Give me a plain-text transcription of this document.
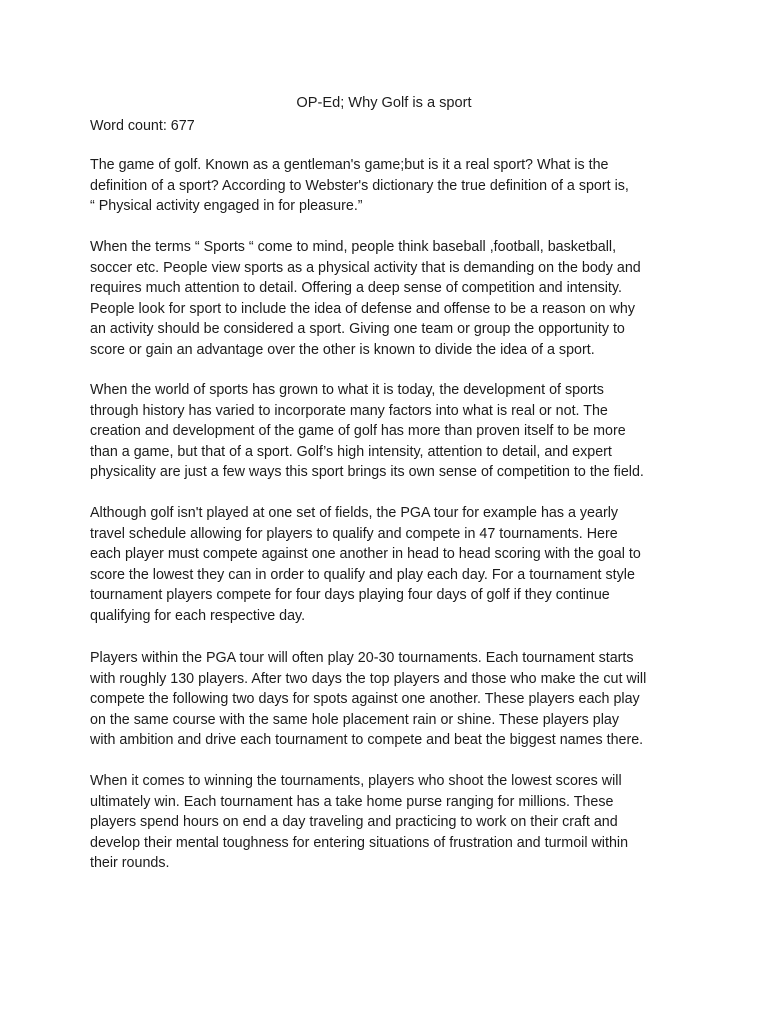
OP-Ed; Why Golf is a sport
Word count: 677
The game of golf. Known as a gentleman's game;but is it a real sport? What is the
definition of a sport? According to Webster's dictionary the true definition of a sport is,
“ Physical activity engaged in for pleasure.”
When the terms “ Sports “ come to mind, people think baseball ,football, basketball,
soccer etc. People view sports as a physical activity that is demanding on the body and
requires much attention to detail. Offering a deep sense of competition and intensity.
People look for sport to include the idea of defense and offense to be a reason on why
an activity should be considered a sport. Giving one team or group the opportunity to
score or gain an advantage over the other is known to divide the idea of a sport.
When the world of sports has grown to what it is today, the development of sports
through history has varied to incorporate many factors into what is real or not. The
creation and development of the game of golf has more than proven itself to be more
than a game, but that of a sport. Golf’s high intensity, attention to detail, and expert
physicality are just a few ways this sport brings its own sense of competition to the field.
Although golf isn't played at one set of fields, the PGA tour for example has a yearly
travel schedule allowing for players to qualify and compete in 47 tournaments. Here
each player must compete against one another in head to head scoring with the goal to
score the lowest they can in order to qualify and play each day. For a tournament style
tournament players compete for four days playing four days of golf if they continue
qualifying for each respective day.
Players within the PGA tour will often play 20-30 tournaments. Each tournament starts
with roughly 130 players. After two days the top players and those who make the cut will
compete the following two days for spots against one another. These players each play
on the same course with the same hole placement rain or shine. These players play
with ambition and drive each tournament to compete and beat the biggest names there.
When it comes to winning the tournaments, players who shoot the lowest scores will
ultimately win. Each tournament has a take home purse ranging for millions. These
players spend hours on end a day traveling and practicing to work on their craft and
develop their mental toughness for entering situations of frustration and turmoil within
their rounds.
